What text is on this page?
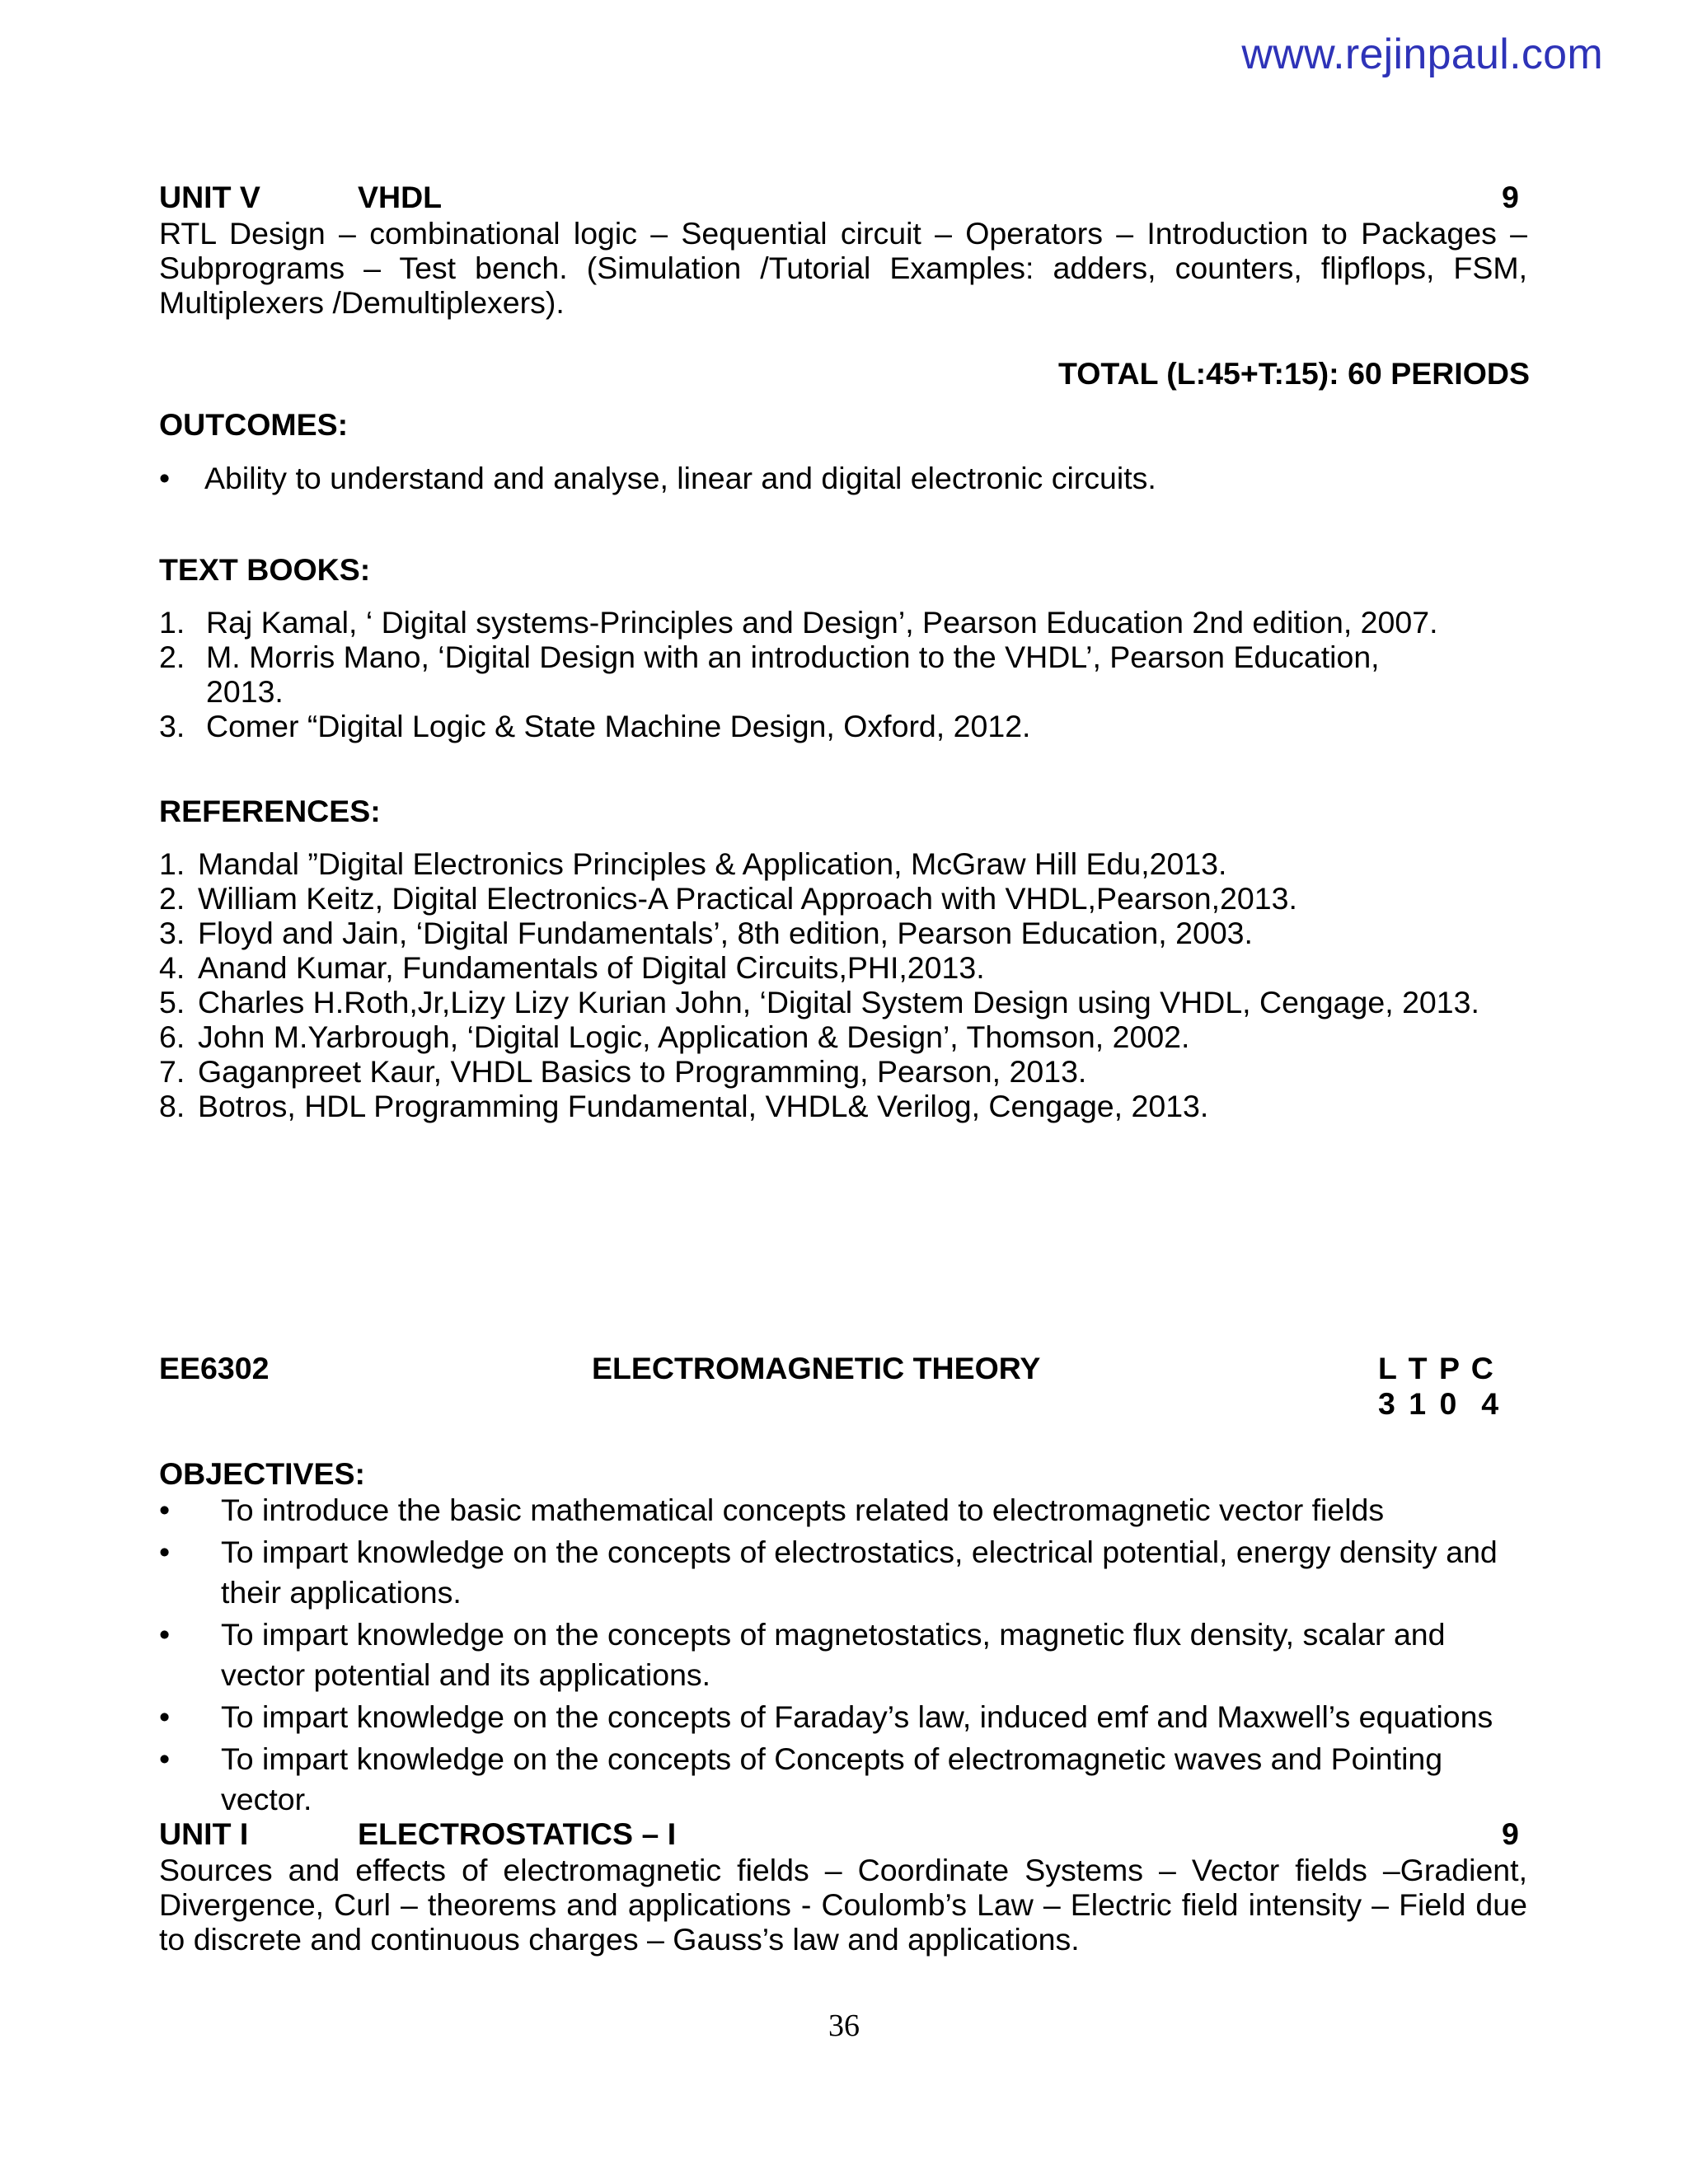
www.rejinpaul.com
UNIT V	VHDL	9
RTL Design – combinational logic – Sequential circuit – Operators – Introduction to Packages – Subprograms – Test bench. (Simulation /Tutorial Examples: adders, counters, flipflops, FSM, Multiplexers /Demultiplexers).
TOTAL (L:45+T:15): 60 PERIODS
OUTCOMES:
•	Ability to understand and analyse, linear and digital electronic circuits.
TEXT BOOKS:
1. Raj Kamal, ‘ Digital systems-Principles and Design’, Pearson Education 2nd edition, 2007.
2. M. Morris Mano, ‘Digital Design with an introduction to the VHDL’, Pearson Education,
2013.
3. Comer “Digital Logic & State Machine Design, Oxford, 2012.
REFERENCES:
1. Mandal ”Digital Electronics Principles & Application, McGraw Hill Edu,2013.
2. William Keitz, Digital Electronics-A Practical Approach with VHDL,Pearson,2013.
3. Floyd and Jain, ‘Digital Fundamentals’, 8th edition, Pearson Education, 2003.
4. Anand Kumar, Fundamentals of Digital Circuits,PHI,2013.
5. Charles H.Roth,Jr,Lizy Lizy Kurian John, ‘Digital System Design using VHDL, Cengage, 2013.
6. John M.Yarbrough, ‘Digital Logic, Application & Design’, Thomson, 2002.
7. Gaganpreet Kaur, VHDL Basics to Programming, Pearson, 2013.
8. Botros, HDL Programming Fundamental, VHDL& Verilog, Cengage, 2013.
EE6302	ELECTROMAGNETIC THEORY	L T P C
3 1 0  4
OBJECTIVES:
•	To introduce the basic mathematical concepts related to electromagnetic vector fields
•	To impart knowledge on the concepts of electrostatics, electrical potential, energy density and their applications.
•	To impart knowledge on the concepts of magnetostatics, magnetic flux density, scalar and vector potential and its applications.
•	To impart knowledge on the concepts of Faraday’s law, induced emf and Maxwell’s equations
•	To impart knowledge on the concepts of Concepts of electromagnetic waves and Pointing vector.
UNIT I	ELECTROSTATICS – I	9
Sources and effects of electromagnetic fields – Coordinate Systems – Vector fields –Gradient, Divergence, Curl – theorems and applications - Coulomb’s Law – Electric field intensity – Field due to discrete and continuous charges – Gauss’s law and applications.
36
